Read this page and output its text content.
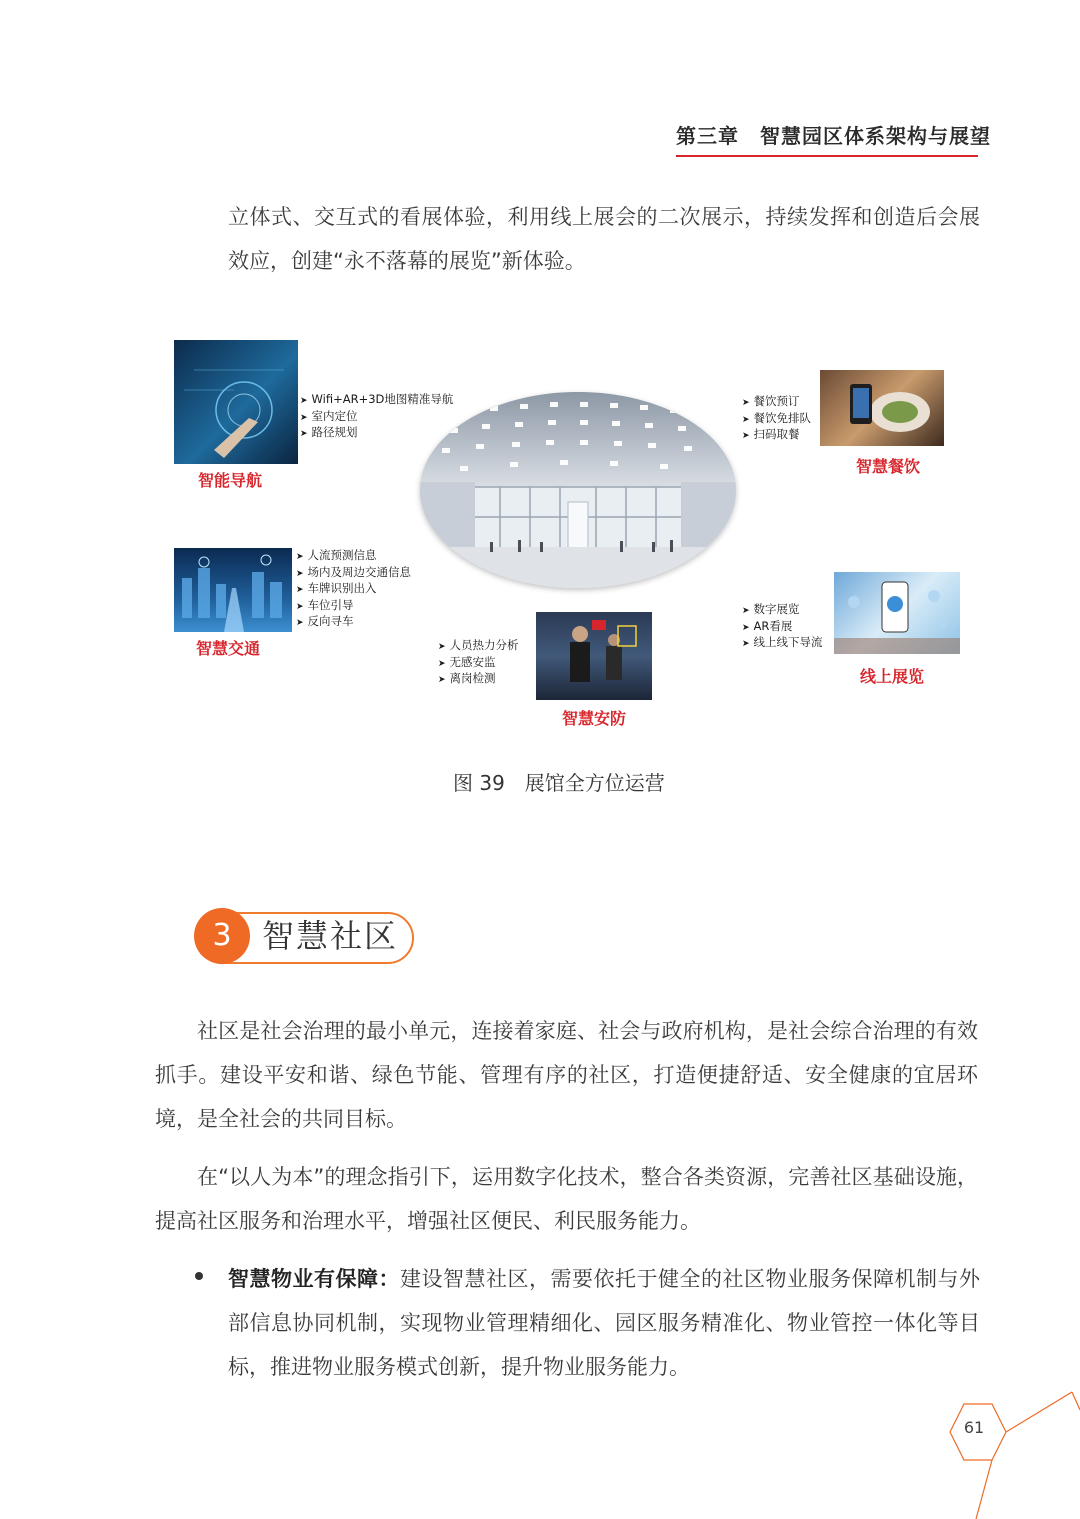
第三章　智慧园区体系架构与展望

立体式、交互式的看展体验，利用线上展会的二次展示，持续发挥和创造后会展效应，创建“永不落幕的展览”新体验。

智能导航
➤ Wifi+AR+3D地图精准导航
➤ 室内定位
➤ 路径规划
智慧餐饮
➤ 餐饮预订
➤ 餐饮免排队
➤ 扫码取餐
智慧交通
➤ 人流预测信息
➤ 场内及周边交通信息
➤ 车牌识别出入
➤ 车位引导
➤ 反向寻车
智慧安防
➤ 人员热力分析
➤ 无感安监
➤ 离岗检测	线上展览
➤ 数字展览
➤ AR看展
➤ 线上线下导流
图 39　展馆全方位运营
3 智慧社区

社区是社会治理的最小单元，连接着家庭、社会与政府机构，是社会综合治理的有效抓手。建设平安和谐、绿色节能、管理有序的社区，打造便捷舒适、安全健康的宜居环境，是全社会的共同目标。

在“以人为本”的理念指引下，运用数字化技术，整合各类资源，完善社区基础设施，提高社区服务和治理水平，增强社区便民、利民服务能力。

智慧物业有保障：建设智慧社区，需要依托于健全的社区物业服务保障机制与外部信息协同机制，实现物业管理精细化、园区服务精准化、物业管控一体化等目标，推进物业服务模式创新，提升物业服务能力。

61
